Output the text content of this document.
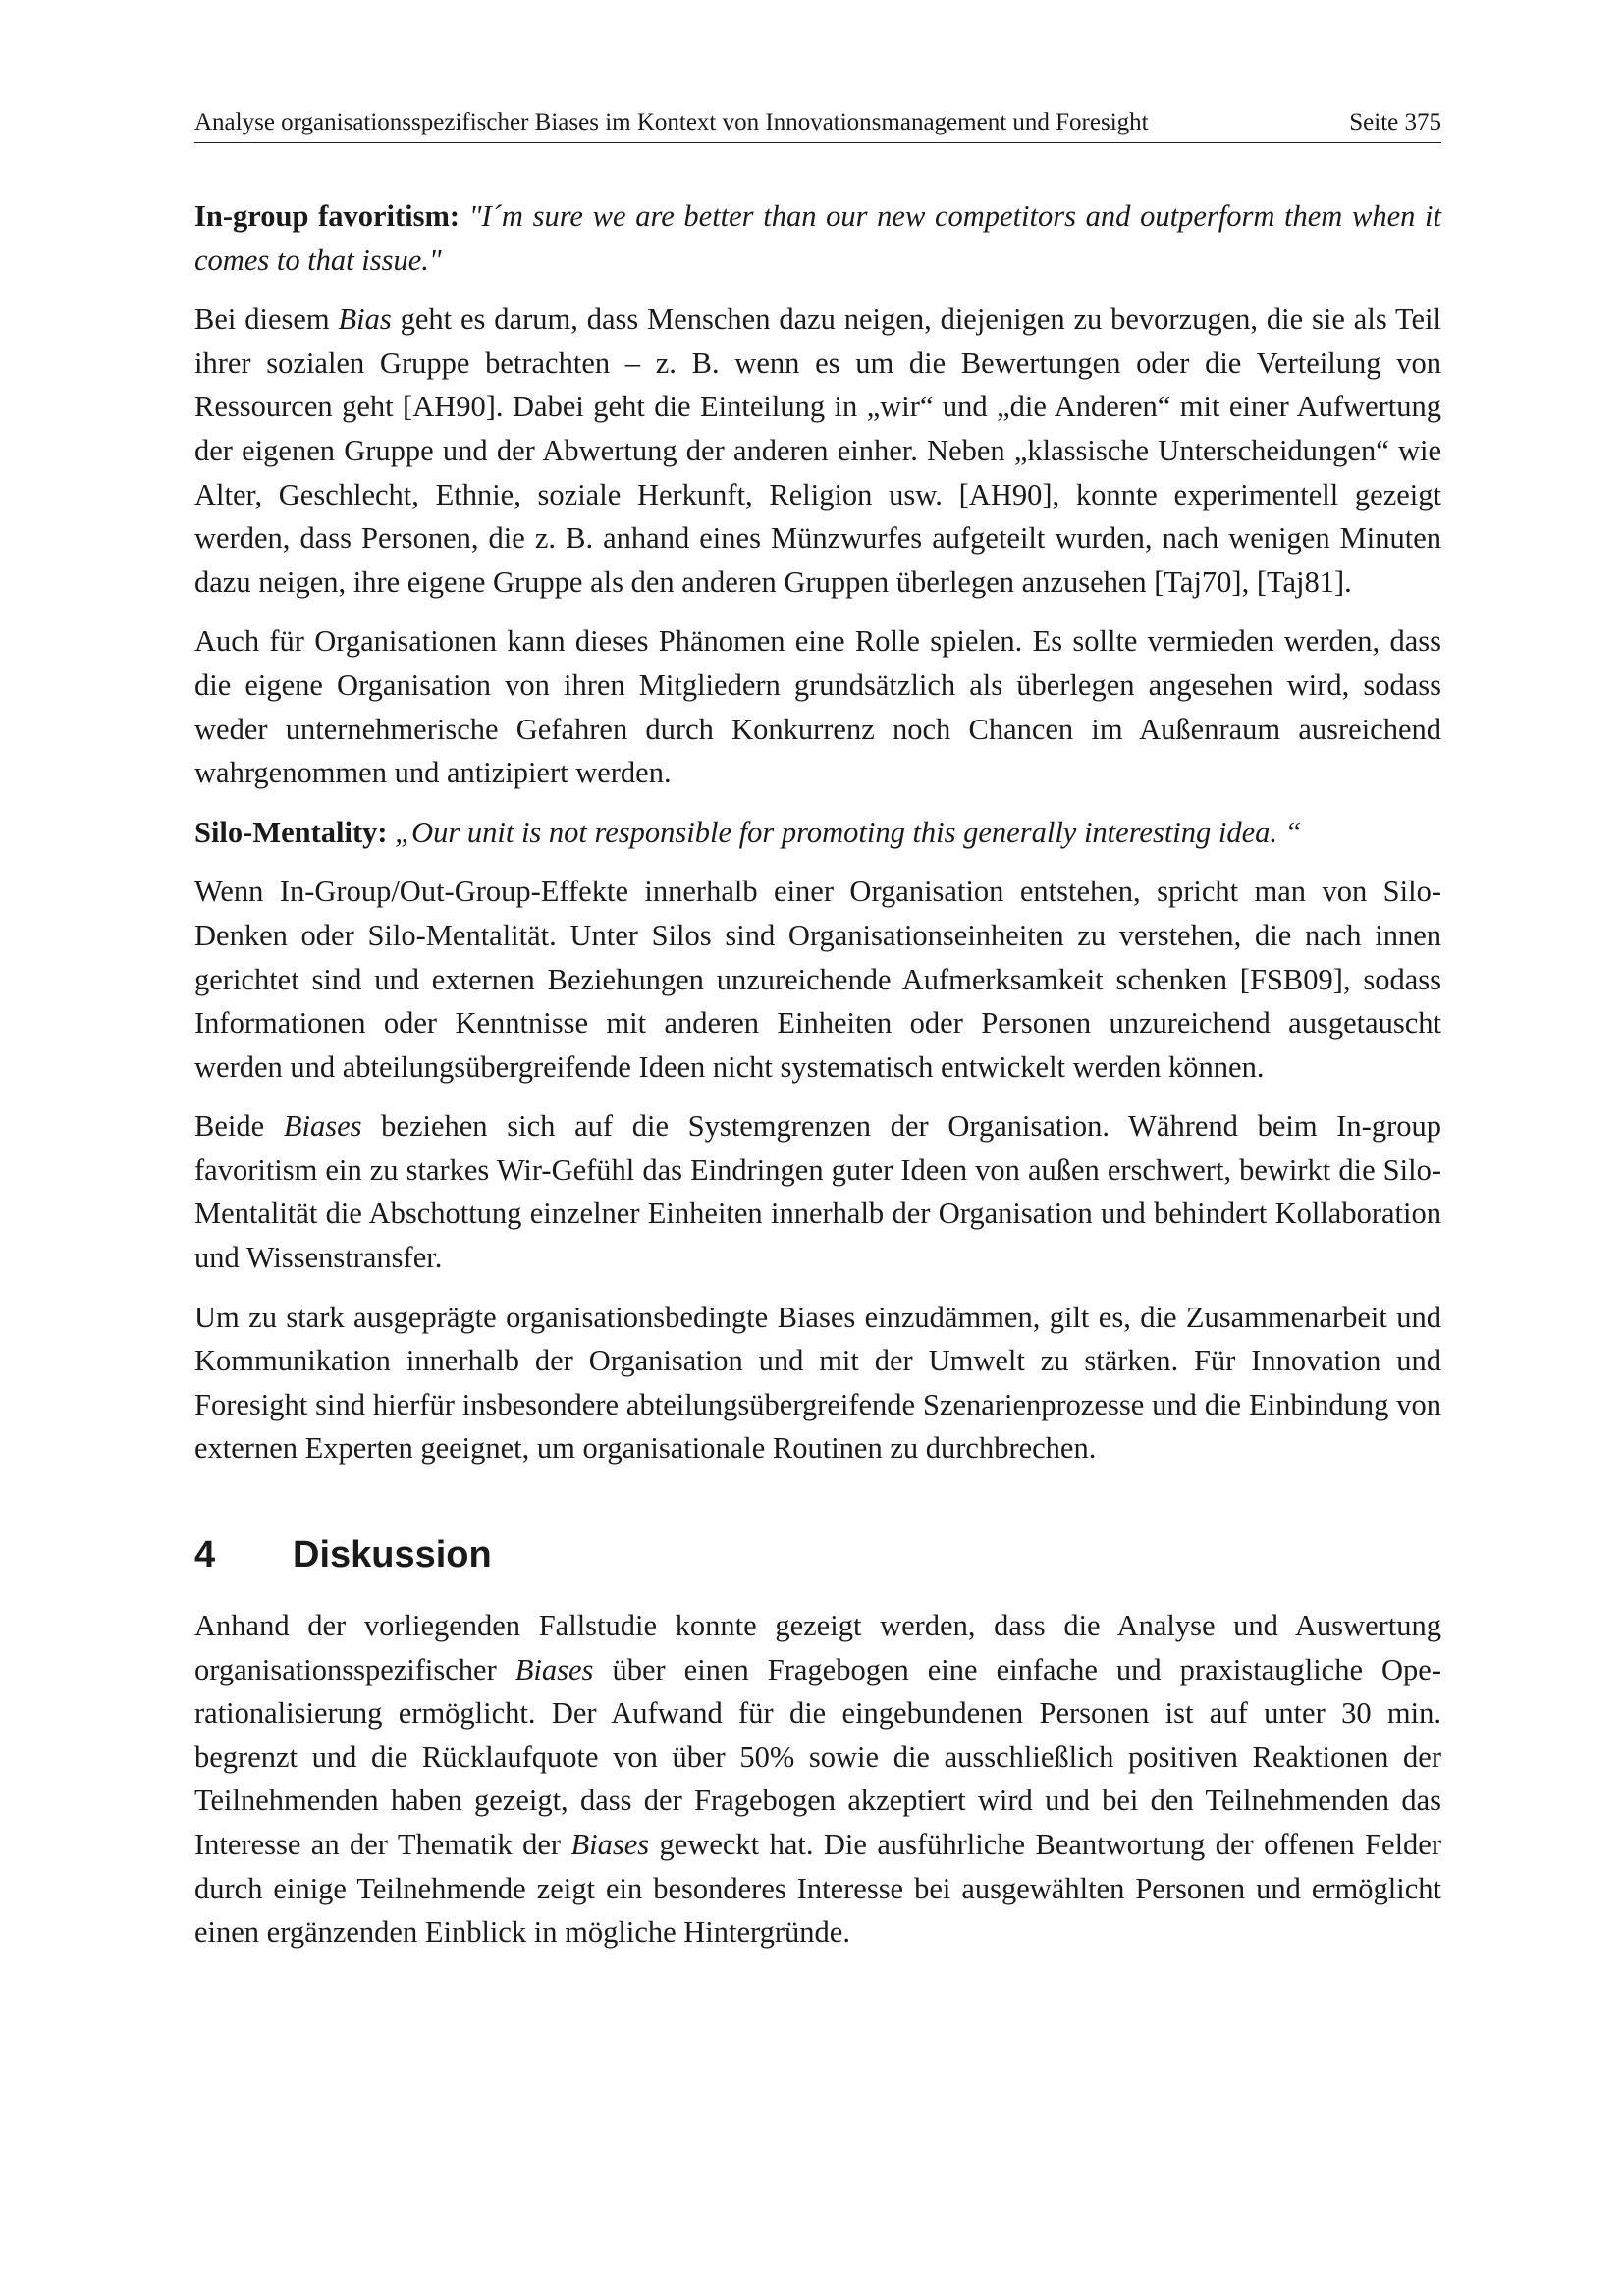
Analyse organisationsspezifischer Biases im Kontext von Innovationsmanagement und Foresight	Seite 375

In-group favoritism: "I´m sure we are better than our new competitors and outperform them when it comes to that issue."

Bei diesem Bias geht es darum, dass Menschen dazu neigen, diejenigen zu bevorzugen, die sie als Teil ihrer sozialen Gruppe betrachten – z. B. wenn es um die Bewertungen oder die Verteilung von Ressourcen geht [AH90]. Dabei geht die Einteilung in „wir“ und „die Anderen“ mit einer Aufwertung der eigenen Gruppe und der Abwertung der anderen einher. Neben „klassische Unterscheidungen“ wie Alter, Geschlecht, Ethnie, soziale Herkunft, Religion usw. [AH90], konnte experimentell gezeigt werden, dass Personen, die z. B. anhand eines Münzwurfes aufgeteilt wurden, nach wenigen Minuten dazu neigen, ihre eigene Gruppe als den anderen Gruppen überlegen anzusehen [Taj70], [Taj81].

Auch für Organisationen kann dieses Phänomen eine Rolle spielen. Es sollte vermieden werden, dass die eigene Organisation von ihren Mitgliedern grundsätzlich als überlegen angesehen wird, sodass weder unternehmerische Gefahren durch Konkurrenz noch Chancen im Außenraum ausreichend wahrgenommen und antizipiert werden.

Silo-Mentality: „Our unit is not responsible for promoting this generally interesting idea. “

Wenn In-Group/Out-Group-Effekte innerhalb einer Organisation entstehen, spricht man von Silo-Denken oder Silo-Mentalität. Unter Silos sind Organisationseinheiten zu verstehen, die nach innen gerichtet sind und externen Beziehungen unzureichende Aufmerksamkeit schenken [FSB09], sodass Informationen oder Kenntnisse mit anderen Einheiten oder Personen unzureichend ausgetauscht werden und abteilungsübergreifende Ideen nicht systematisch entwickelt werden können.

Beide Biases beziehen sich auf die Systemgrenzen der Organisation. Während beim In-group favoritism ein zu starkes Wir-Gefühl das Eindringen guter Ideen von außen erschwert, bewirkt die Silo-Mentalität die Abschottung einzelner Einheiten innerhalb der Organisation und behindert Kollaboration und Wissenstransfer.

Um zu stark ausgeprägte organisationsbedingte Biases einzudämmen, gilt es, die Zusammenarbeit und Kommunikation innerhalb der Organisation und mit der Umwelt zu stärken. Für Innovation und Foresight sind hierfür insbesondere abteilungsübergreifende Szenarienprozesse und die Einbindung von externen Experten geeignet, um organisationale Routinen zu durchbrechen.

4	Diskussion

Anhand der vorliegenden Fallstudie konnte gezeigt werden, dass die Analyse und Auswertung organisationsspezifischer Biases über einen Fragebogen eine einfache und praxistaugliche Operationalisierung ermöglicht. Der Aufwand für die eingebundenen Personen ist auf unter 30 min. begrenzt und die Rücklaufquote von über 50% sowie die ausschließlich positiven Reaktionen der Teilnehmenden haben gezeigt, dass der Fragebogen akzeptiert wird und bei den Teilnehmenden das Interesse an der Thematik der Biases geweckt hat. Die ausführliche Beantwortung der offenen Felder durch einige Teilnehmende zeigt ein besonderes Interesse bei ausgewählten Personen und ermöglicht einen ergänzenden Einblick in mögliche Hintergründe.
